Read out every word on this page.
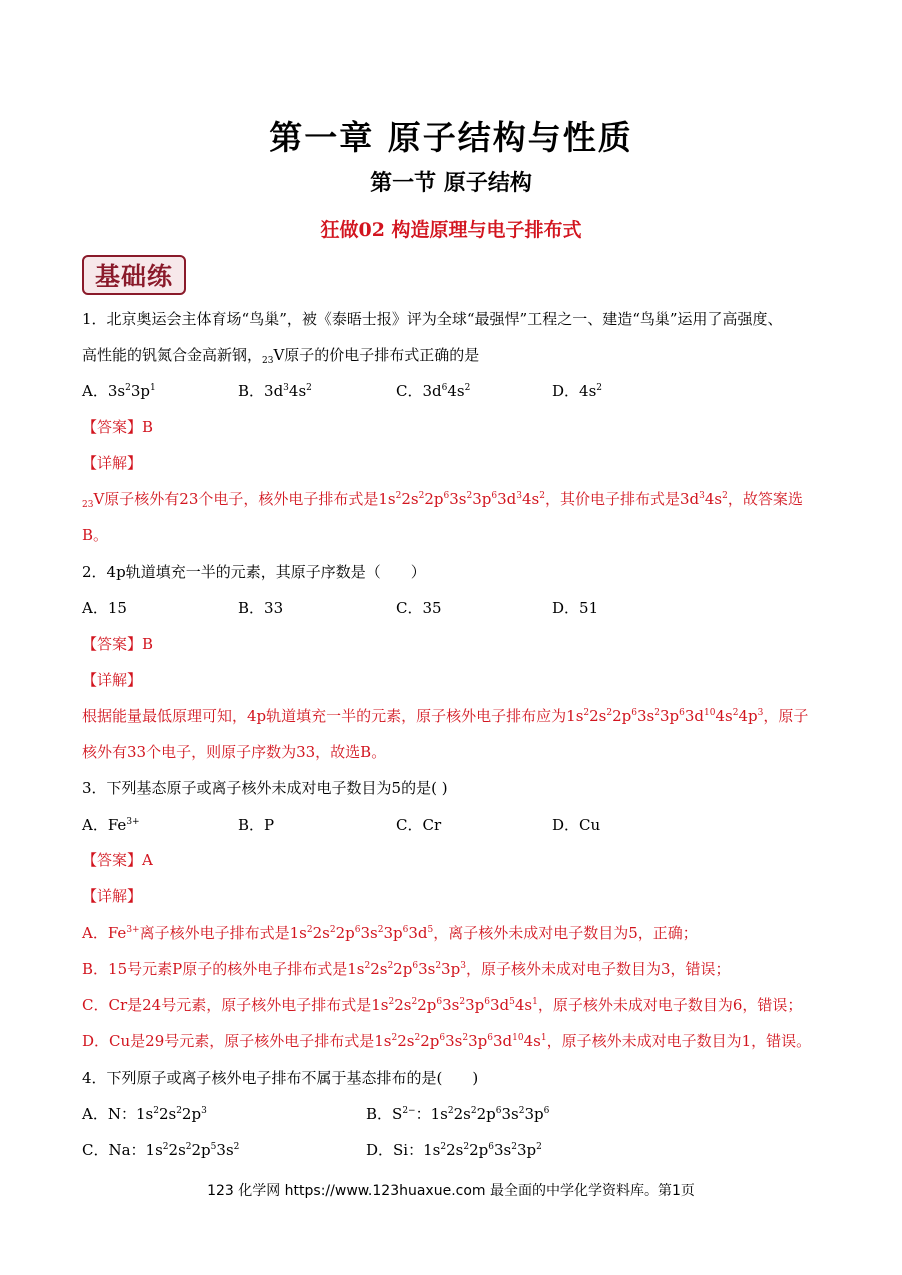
第一章 原子结构与性质
第一节 原子结构
狂做02 构造原理与电子排布式
基础练
1．北京奥运会主体育场“鸟巢”，被《泰晤士报》评为全球“最强悍”工程之一、建造“鸟巢”运用了高强度、
高性能的钒氮合金高新钢，$_{23}$V原子的价电子排布式正确的是
A．$3s^23p^1$	B．$3d^34s^2$	C．$3d^64s^2$	D．$4s^2$
【答案】B
【详解】
$_{23}$V原子核外有23个电子，核外电子排布式是$1s^22s^22p^63s^23p^63d^34s^2$，其价电子排布式是$3d^34s^2$，故答案选
B。
2．4p轨道填充一半的元素，其原子序数是（　　）
A．15	B．33	C．35	D．51
【答案】B
【详解】
根据能量最低原理可知，4p轨道填充一半的元素，原子核外电子排布应为$1s^22s^22p^63s^23p^63d^{10}4s^24p^3$，原子
核外有33个电子，则原子序数为33，故选B。
3．下列基态原子或离子核外未成对电子数目为5的是( )
A．$Fe^{3+}$	B．P	C．Cr	D．Cu
【答案】A
【详解】
A．$Fe^{3+}$离子核外电子排布式是$1s^22s^22p^63s^23p^63d^5$，离子核外未成对电子数目为5，正确；
B．15号元素P原子的核外电子排布式是$1s^22s^22p^63s^23p^3$，原子核外未成对电子数目为3，错误；
C．Cr是24号元素，原子核外电子排布式是$1s^22s^22p^63s^23p^63d^54s^1$，原子核外未成对电子数目为6，错误；
D．Cu是29号元素，原子核外电子排布式是$1s^22s^22p^63s^23p^63d^{10}4s^1$，原子核外未成对电子数目为1，错误。
4．下列原子或离子核外电子排布不属于基态排布的是(　　)
A．N：$1s^22s^22p^3$	B．$S^{2-}$：$1s^22s^22p^63s^23p^6$
C．Na：$1s^22s^22p^53s^2$	D．Si：$1s^22s^22p^63s^23p^2$
123 化学网 https://www.123huaxue.com 最全面的中学化学资料库。第1页
